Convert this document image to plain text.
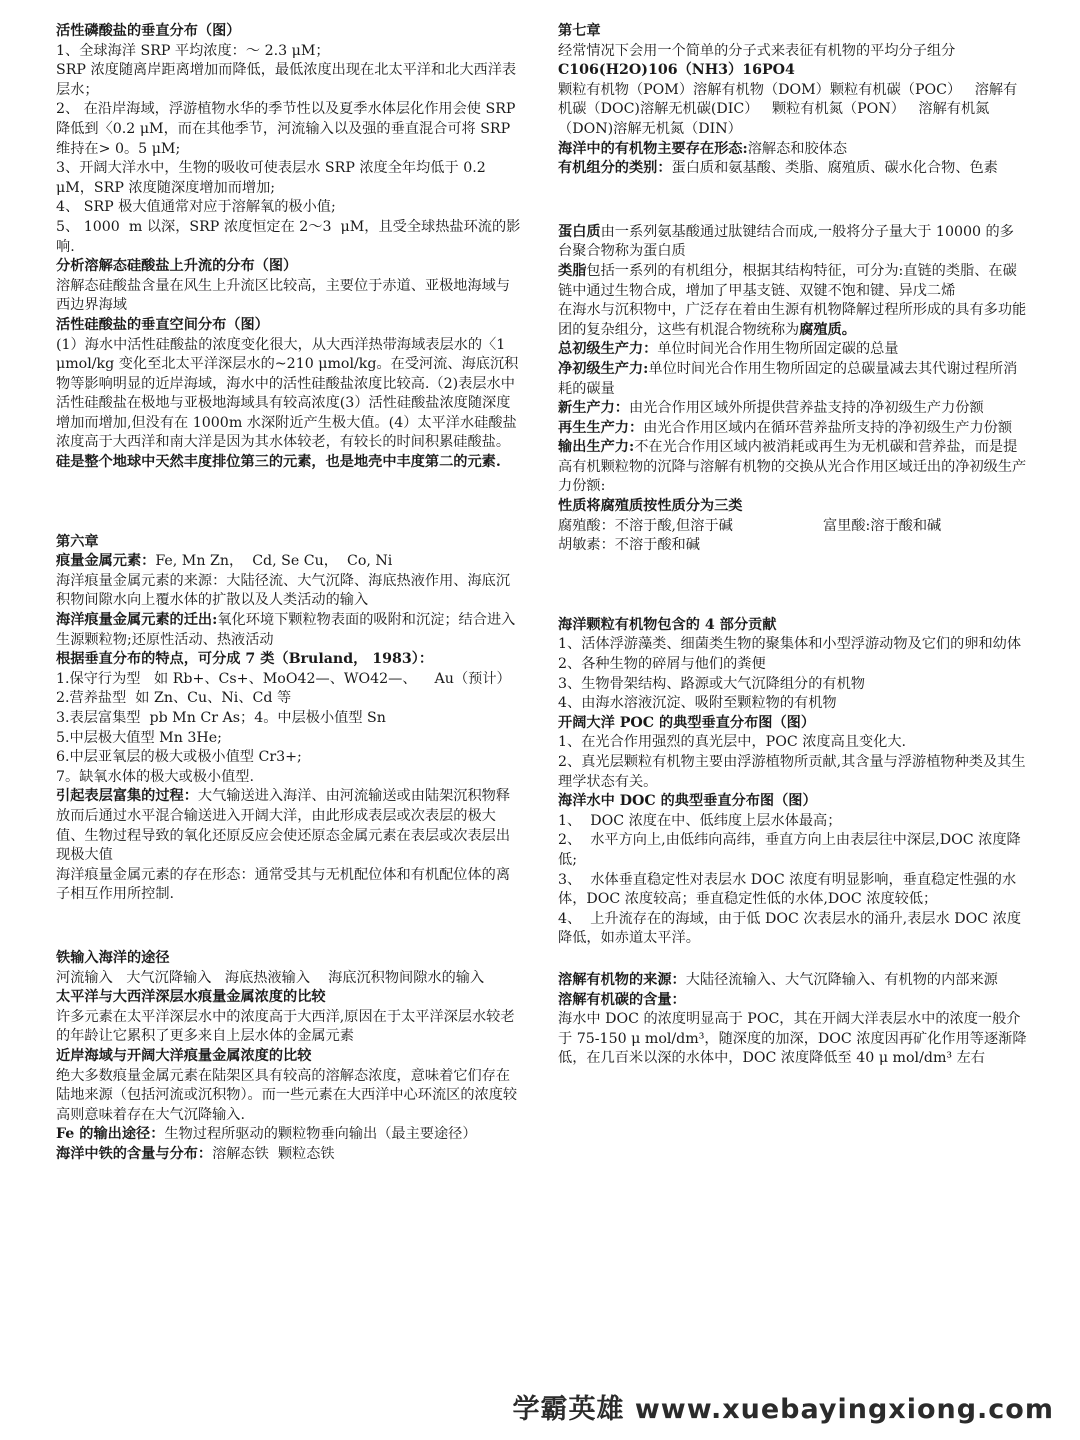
活性磷酸盐的垂直分布（图）

1、全球海洋 SRP 平均浓度：～ 2.3 μM；

SRP 浓度随离岸距离增加而降低，最低浓度出现在北太平洋和北大西洋表层水；

2、 在沿岸海域，浮游植物水华的季节性以及夏季水体层化作用会使 SRP 降低到〈0.2 μM，而在其他季节，河流输入以及强的垂直混合可将 SRP 维持在> 0。5 μM;

3、开阔大洋水中，生物的吸收可使表层水 SRP 浓度全年均低于 0.2 μM，SRP 浓度随深度增加而增加;

4、 SRP 极大值通常对应于溶解氧的极小值;

5、 1000  m 以深，SRP 浓度恒定在 2～3  μM，且受全球热盐环流的影响.

分析溶解态硅酸盐上升流的分布（图）

溶解态硅酸盐含量在风生上升流区比较高，主要位于赤道、亚极地海域与西边界海域

活性硅酸盐的垂直空间分布（图）

(1）海水中活性硅酸盐的浓度变化很大，从大西洋热带海域表层水的〈1 μmol/kg 变化至北太平洋深层水的~210 μmol/kg。在受河流、海底沉积物等影响明显的近岸海域，海水中的活性硅酸盐浓度比较高.（2)表层水中活性硅酸盐在极地与亚极地海域具有较高浓度(3）活性硅酸盐浓度随深度增加而增加,但没有在 1000m 水深附近产生极大值。(4）太平洋水硅酸盐浓度高于大西洋和南大洋是因为其水体较老，有较长的时间积累硅酸盐。

硅是整个地球中天然丰度排位第三的元素，也是地壳中丰度第二的元素.

第六章

痕量金属元素：Fe, Mn Zn，  Cd, Se Cu，  Co, Ni

海洋痕量金属元素的来源：大陆径流、大气沉降、海底热液作用、海底沉积物间隙水向上覆水体的扩散以及人类活动的输入

海洋痕量金属元素的迁出:氧化环境下颗粒物表面的吸附和沉淀；结合进入生源颗粒物;还原性活动、热液活动

根据垂直分布的特点，可分成 7 类（Bruland， 1983）：

1.保守行为型   如 Rb+、Cs+、MoO42—、WO42—、    Au（预计）2.营养盐型  如 Zn、Cu、Ni、Cd 等

3.表层富集型  pb Mn Cr As；4。中层极小值型 Sn

5.中层极大值型 Mn 3He;

6.中层亚氧层的极大或极小值型 Cr3+;

7。缺氧水体的极大或极小值型.

引起表层富集的过程：大气输送进入海洋、由河流输送或由陆架沉积物释放而后通过水平混合输送进入开阔大洋，由此形成表层或次表层的极大值、生物过程导致的氧化还原反应会使还原态金属元素在表层或次表层出现极大值

海洋痕量金属元素的存在形态：通常受其与无机配位体和有机配位体的离子相互作用所控制.

铁输入海洋的途径

河流输入   大气沉降输入   海底热液输入    海底沉积物间隙水的输入

太平洋与大西洋深层水痕量金属浓度的比较

许多元素在太平洋深层水中的浓度高于大西洋,原因在于太平洋深层水较老的年龄让它累积了更多来自上层水体的金属元素

近岸海域与开阔大洋痕量金属浓度的比较

绝大多数痕量金属元素在陆架区具有较高的溶解态浓度，意味着它们存在陆地来源（包括河流或沉积物）。而一些元素在大西洋中心环流区的浓度较高则意味着存在大气沉降输入.

Fe 的输出途径：生物过程所驱动的颗粒物垂向输出（最主要途径）

海洋中铁的含量与分布：溶解态铁  颗粒态铁

第七章

经常情况下会用一个简单的分子式来表征有机物的平均分子组分 C106(H2O)106（NH3）16PO4

颗粒有机物（POM）溶解有机物（DOM）颗粒有机碳（POC）   溶解有机碳（DOC)溶解无机碳(DIC）   颗粒有机氮（PON）   溶解有机氮（DON)溶解无机氮（DIN）

海洋中的有机物主要存在形态:溶解态和胶体态

有机组分的类别：蛋白质和氨基酸、类脂、腐殖质、碳水化合物、色素

蛋白质由一系列氨基酸通过肽键结合而成,一般将分子量大于 10000 的多台聚合物称为蛋白质

类脂包括一系列的有机组分，根据其结构特征，可分为:直链的类脂、在碳链中通过生物合成，增加了甲基支链、双键不饱和键、异戊二烯

在海水与沉积物中，广泛存在着由生源有机物降解过程所形成的具有多功能团的复杂组分，这些有机混合物统称为腐殖质。

总初级生产力：单位时间光合作用生物所固定碳的总量

净初级生产力:单位时间光合作用生物所固定的总碳量减去其代谢过程所消耗的碳量

新生产力：由光合作用区域外所提供营养盐支持的净初级生产力份额

再生生产力：由光合作用区域内在循环营养盐所支持的净初级生产力份额

输出生产力:不在光合作用区域内被消耗或再生为无机碳和营养盐，而是提高有机颗粒物的沉降与溶解有机物的交换从光合作用区域迁出的净初级生产力份额:

性质将腐殖质按性质分为三类

腐殖酸：不溶于酸,但溶于碱                    富里酸:溶于酸和碱

胡敏素：不溶于酸和碱

海洋颗粒有机物包含的 4 部分贡献

1、活体浮游藻类、细菌类生物的聚集体和小型浮游动物及它们的卵和幼体

2、各种生物的碎屑与他们的粪便

3、生物骨架结构、路源或大气沉降组分的有机物

4、由海水溶液沉淀、吸附至颗粒物的有机物

开阔大洋 POC 的典型垂直分布图（图）

1、在光合作用强烈的真光层中，POC 浓度高且变化大.

2、真光层颗粒有机物主要由浮游植物所贡献,其含量与浮游植物种类及其生理学状态有关。

海洋水中 DOC 的典型垂直分布图（图）

1、  DOC 浓度在中、低纬度上层水体最高；

2、  水平方向上,由低纬向高纬，垂直方向上由表层往中深层,DOC 浓度降低;

3、  水体垂直稳定性对表层水 DOC 浓度有明显影响，垂直稳定性强的水体，DOC 浓度较高；垂直稳定性低的水体,DOC 浓度较低；

4、  上升流存在的海域，由于低 DOC 次表层水的涌升,表层水 DOC 浓度降低，如赤道太平洋。

溶解有机物的来源：大陆径流输入、大气沉降输入、有机物的内部来源

溶解有机碳的含量：

海水中 DOC 的浓度明显高于 POC，其在开阔大洋表层水中的浓度一般介于 75-150 μ mol/dm³，随深度的加深，DOC 浓度因再矿化作用等逐渐降低，在几百米以深的水体中，DOC 浓度降低至 40 μ mol/dm³ 左右

学霸英雄 www.xuebayingxiong.com
